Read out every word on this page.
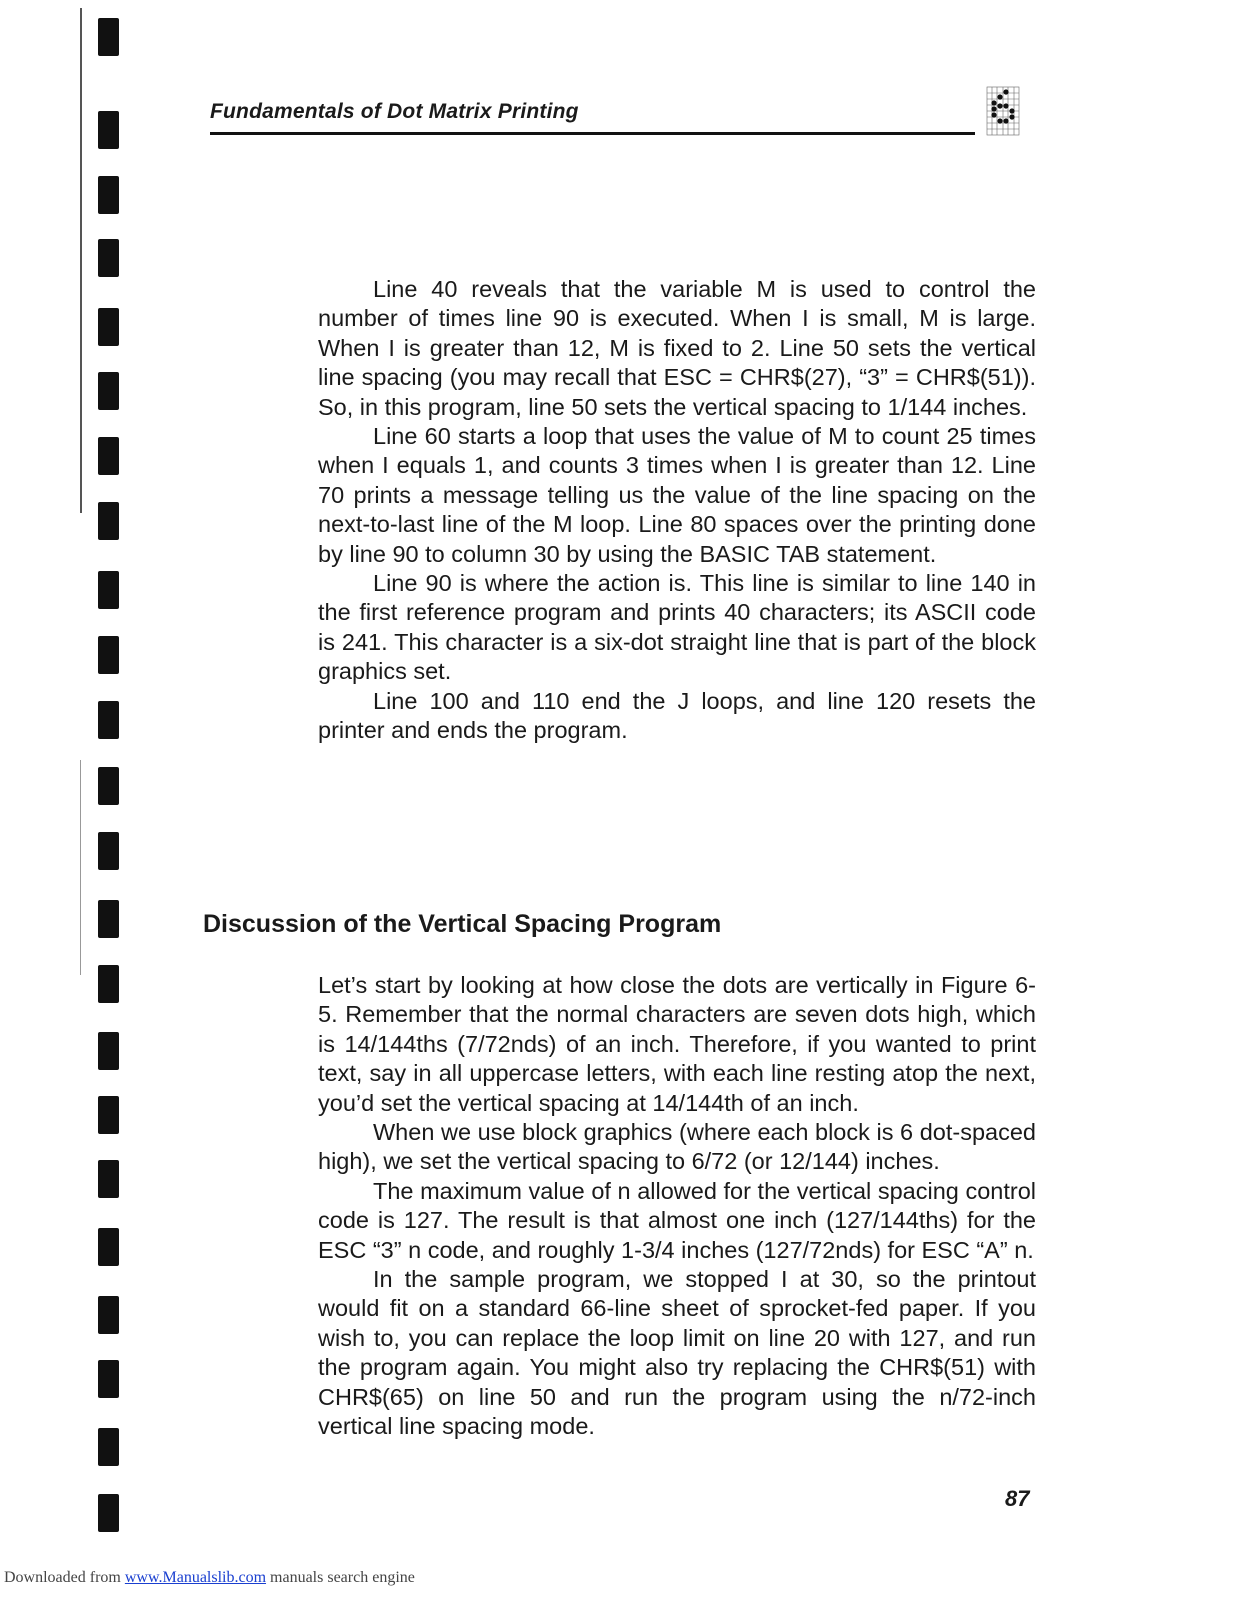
Fundamentals of Dot Matrix Printing

Line 40 reveals that the variable M is used to control the number of times line 90 is executed. When I is small, M is large. When I is greater than 12, M is fixed to 2. Line 50 sets the vertical line spacing (you may recall that ESC = CHR$(27), “3” = CHR$(51)). So, in this program, line 50 sets the vertical spacing to 1/144 inches.

Line 60 starts a loop that uses the value of M to count 25 times when I equals 1, and counts 3 times when I is greater than 12. Line 70 prints a message telling us the value of the line spacing on the next-to-last line of the M loop. Line 80 spaces over the printing done by line 90 to column 30 by using the BASIC TAB statement.

Line 90 is where the action is. This line is similar to line 140 in the first reference program and prints 40 characters; its ASCII code is 241. This character is a six-dot straight line that is part of the block graphics set.

Line 100 and 110 end the J loops, and line 120 resets the printer and ends the program.

Discussion of the Vertical Spacing Program

Let’s start by looking at how close the dots are vertically in Figure 6-5. Remember that the normal characters are seven dots high, which is 14/144ths (7/72nds) of an inch. Therefore, if you wanted to print text, say in all uppercase letters, with each line resting atop the next, you’d set the vertical spacing at 14/144th of an inch.

When we use block graphics (where each block is 6 dot-spaced high), we set the vertical spacing to 6/72 (or 12/144) inches.

The maximum value of n allowed for the vertical spacing control code is 127. The result is that almost one inch (127/144ths) for the ESC “3” n code, and roughly 1-3/4 inches (127/72nds) for ESC “A” n.

In the sample program, we stopped I at 30, so the printout would fit on a standard 66-line sheet of sprocket-fed paper. If you wish to, you can replace the loop limit on line 20 with 127, and run the program again. You might also try replacing the CHR$(51) with CHR$(65) on line 50 and run the program using the n/72-inch vertical line spacing mode.

87
Downloaded from www.Manualslib.com manuals search engine
